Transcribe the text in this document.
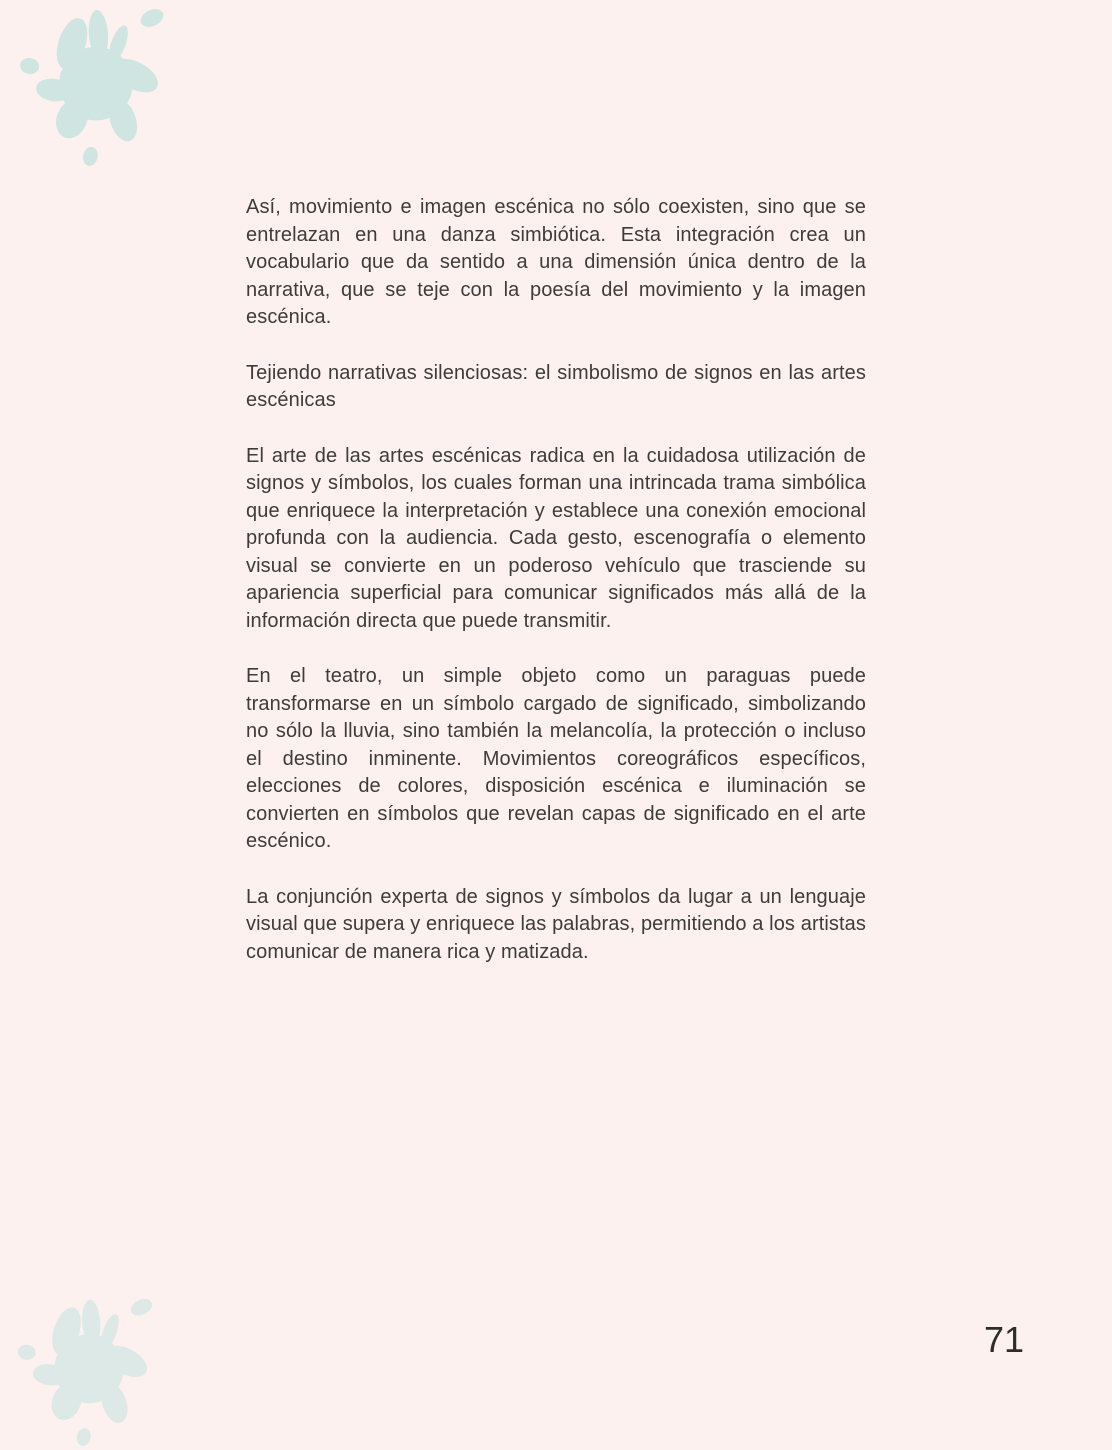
Así, movimiento e imagen escénica no sólo coexisten, sino que se entrelazan en una danza simbiótica. Esta integración crea un vocabulario que da sentido a una dimensión única dentro de la narrativa, que se teje con la poesía del movimiento y la imagen escénica.

Tejiendo narrativas silenciosas: el simbolismo de signos en las artes escénicas

El arte de las artes escénicas radica en la cuidadosa utilización de signos y símbolos, los cuales forman una intrincada trama simbólica que enriquece la interpretación y establece una conexión emocional profunda con la audiencia. Cada gesto, escenografía o elemento visual se convierte en un poderoso vehículo que trasciende su apariencia superficial para comunicar significados más allá de la información directa que puede transmitir.

En el teatro, un simple objeto como un paraguas puede transformarse en un símbolo cargado de significado, simbolizando no sólo la lluvia, sino también la melancolía, la protección o incluso el destino inminente. Movimientos coreográficos específicos, elecciones de colores, disposición escénica e iluminación se convierten en símbolos que revelan capas de significado en el arte escénico.

La conjunción experta de signos y símbolos da lugar a un lenguaje visual que supera y enriquece las palabras, permitiendo a los artistas comunicar de manera rica y matizada.

71
